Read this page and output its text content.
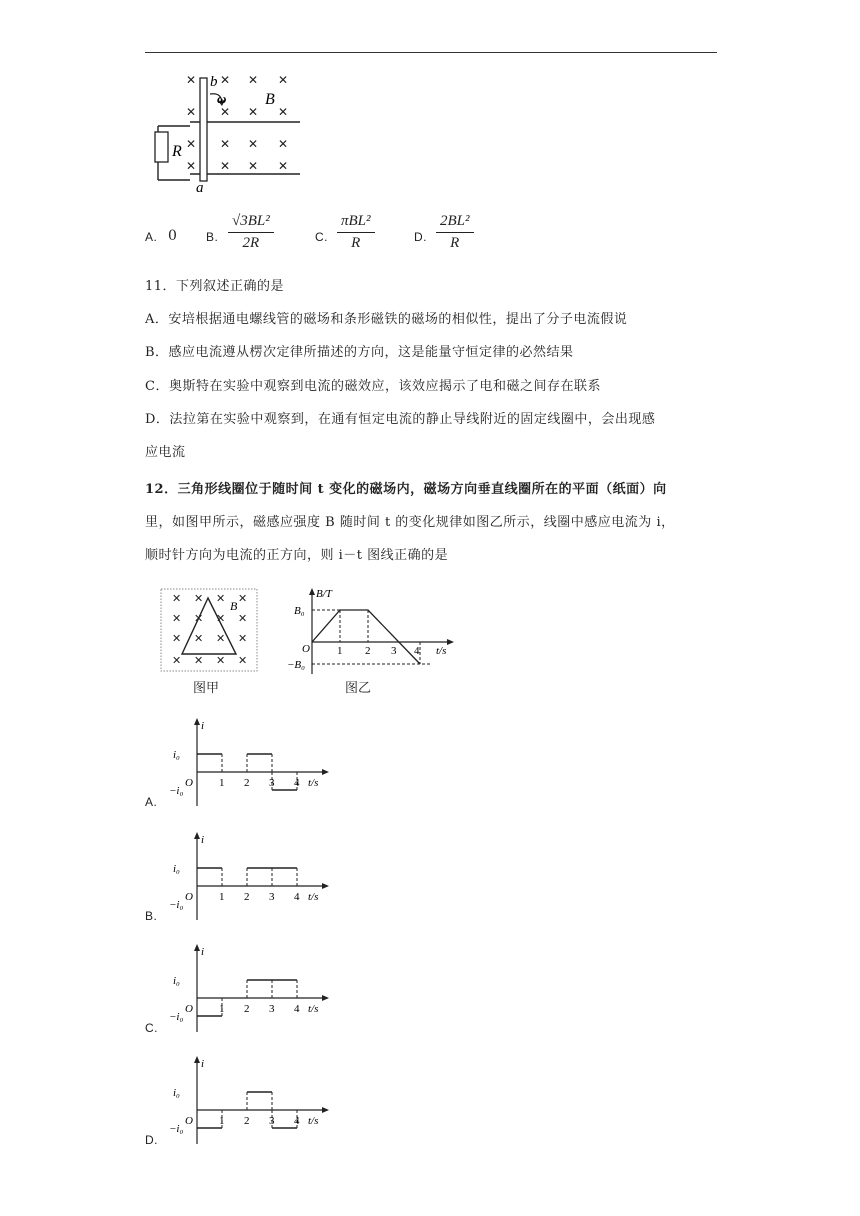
✕ ✕ ✕ ✕
✕ ✕ ✕ ✕
✕ ✕ ✕ ✕
✕ ✕ ✕ ✕
b
ω B
R
a
A. 0 B. $\frac{\text{√3BL²}}{2R}$	C.
πBL²
R	D. $\frac{\text{2BL²}}{R}$
11．下列叙述正确的是
A．安培根据通电螺线管的磁场和条形磁铁的磁场的相似性，提出了分子电流假说
B．感应电流遵从楞次定律所描述的方向，这是能量守恒定律的必然结果
C．奥斯特在实验中观察到电流的磁效应，该效应揭示了电和磁之间存在联系
D．法拉第在实验中观察到，在通有恒定电流的静止导线附近的固定线圈中，会出现感
应电流
12．三角形线圈位于随时间 t 变化的磁场内，磁场方向垂直线圈所在的平面（纸面）向
里，如图甲所示，磁感应强度 B 随时间 t 的变化规律如图乙所示，线圈中感应电流为 i，
顺时针方向为电流的正方向，则 i－t 图线正确的是
✕ ✕ ✕ ✕
✕ ✕ ✕ ✕
✕ ✕ ✕ ✕
✕ ✕ ✕ ✕
B
图甲
B/T
B₀
−B₀
O 1 2 3 4 t/s
图乙
i
i₀
−i₀
O 1 2 3 4 t/s
A.
i
i₀
−i₀
O 1 2 3 4 t/s
B.
i
i₀
−i₀
O 1 2 3 4 t/s
C.
i
i₀
−i₀
O 1 2 3 4 t/s
D.
